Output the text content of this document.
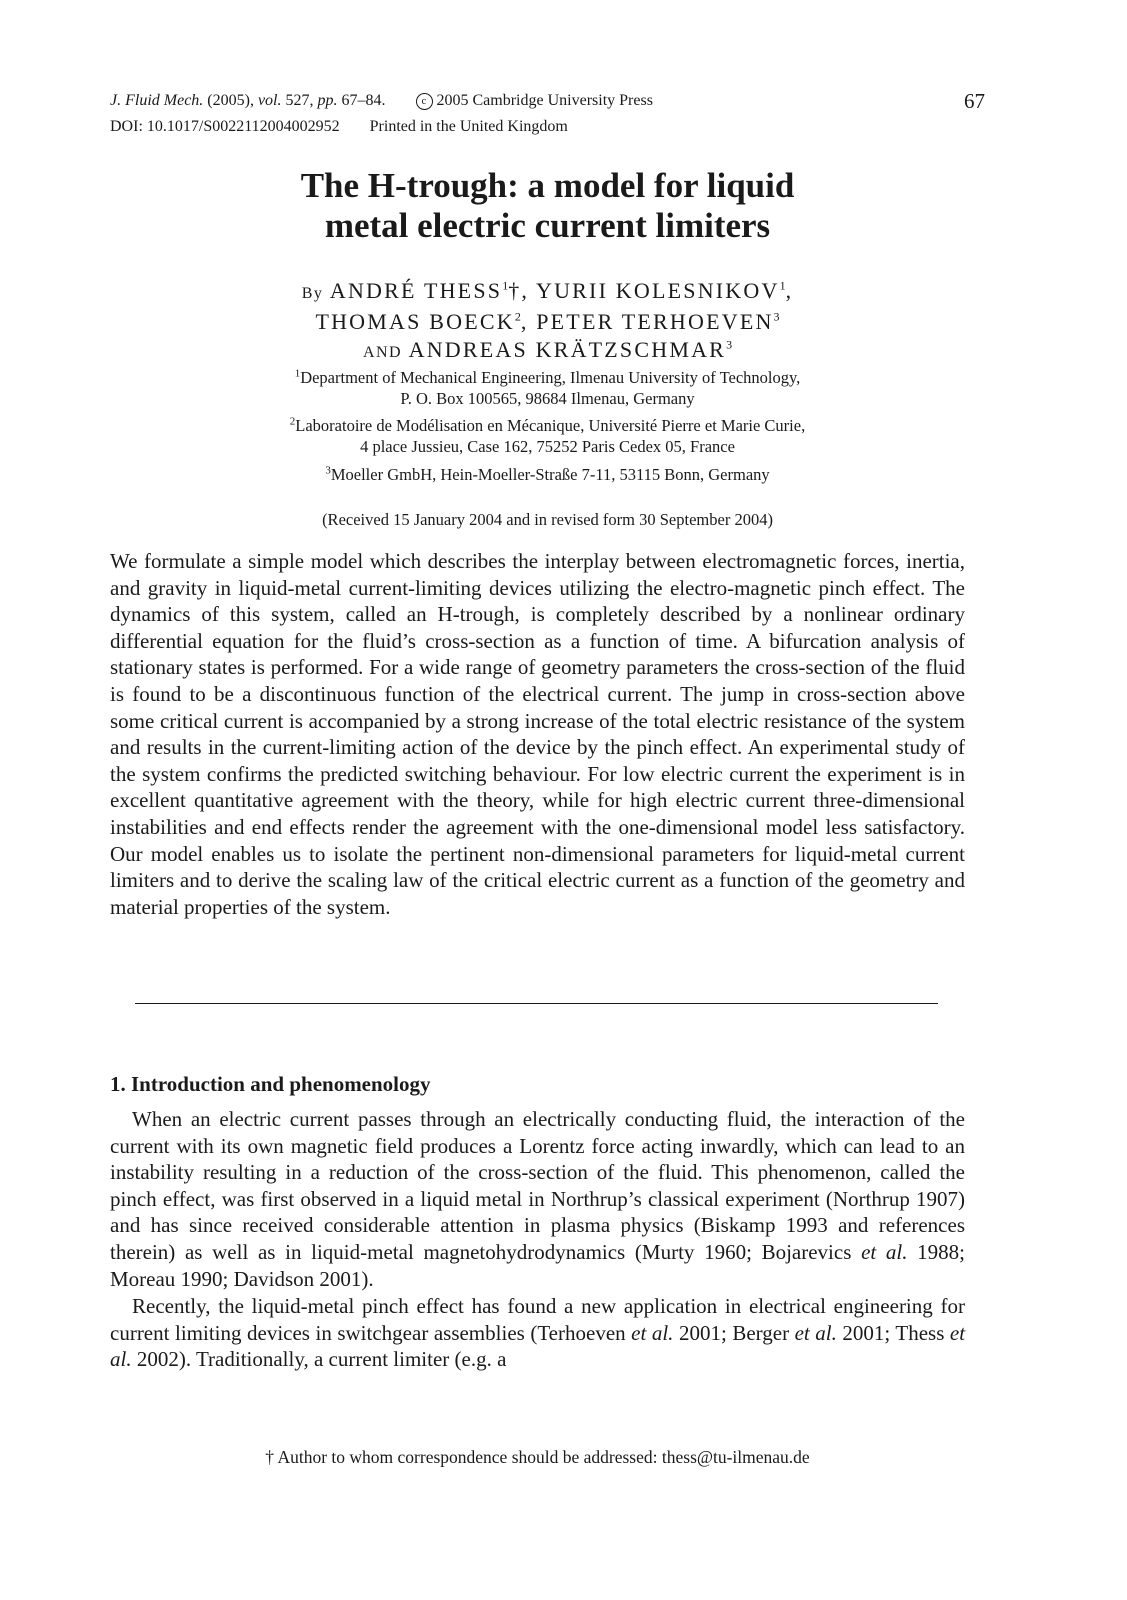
J. Fluid Mech. (2005), vol. 527, pp. 67–84.	c 2005 Cambridge University Press	67
DOI: 10.1017/S0022112004002952 Printed in the United Kingdom
The H-trough: a model for liquid
metal electric current limiters
By ANDRÉ THESS$^1$†, YURII KOLESNIKOV$^1$,
THOMAS BOECK$^2$, PETER TERHOEVEN$^3$
AND ANDREAS KRÄTZSCHMAR$^3$
$^1$Department of Mechanical Engineering, Ilmenau University of Technology,
P. O. Box 100565, 98684 Ilmenau, Germany
$^2$Laboratoire de Modélisation en Mécanique, Université Pierre et Marie Curie,
4 place Jussieu, Case 162, 75252 Paris Cedex 05, France
$^3$Moeller GmbH, Hein-Moeller-Straße 7-11, 53115 Bonn, Germany
(Received 15 January 2004 and in revised form 30 September 2004)
We formulate a simple model which describes the interplay between electromagnetic forces, inertia, and gravity in liquid-metal current-limiting devices utilizing the electro-magnetic pinch effect. The dynamics of this system, called an H-trough, is completely described by a nonlinear ordinary differential equation for the fluid’s cross-section as a function of time. A bifurcation analysis of stationary states is performed. For a wide range of geometry parameters the cross-section of the fluid is found to be a discontinuous function of the electrical current. The jump in cross-section above some critical current is accompanied by a strong increase of the total electric resistance of the system and results in the current-limiting action of the device by the pinch effect. An experimental study of the system confirms the predicted switching behaviour. For low electric current the experiment is in excellent quantitative agreement with the theory, while for high electric current three-dimensional instabilities and end effects render the agreement with the one-dimensional model less satisfactory. Our model enables us to isolate the pertinent non-dimensional parameters for liquid-metal current limiters and to derive the scaling law of the critical electric current as a function of the geometry and material properties of the system.
1. Introduction and phenomenology

When an electric current passes through an electrically conducting fluid, the interaction of the current with its own magnetic field produces a Lorentz force acting inwardly, which can lead to an instability resulting in a reduction of the cross-section of the fluid. This phenomenon, called the pinch effect, was first observed in a liquid metal in Northrup’s classical experiment (Northrup 1907) and has since received considerable attention in plasma physics (Biskamp 1993 and references therein) as well as in liquid-metal magnetohydrodynamics (Murty 1960; Bojarevics et al. 1988; Moreau 1990; Davidson 2001).

Recently, the liquid-metal pinch effect has found a new application in electrical engineering for current limiting devices in switchgear assemblies (Terhoeven et al. 2001; Berger et al. 2001; Thess et al. 2002). Traditionally, a current limiter (e.g. a

† Author to whom correspondence should be addressed: thess@tu-ilmenau.de
